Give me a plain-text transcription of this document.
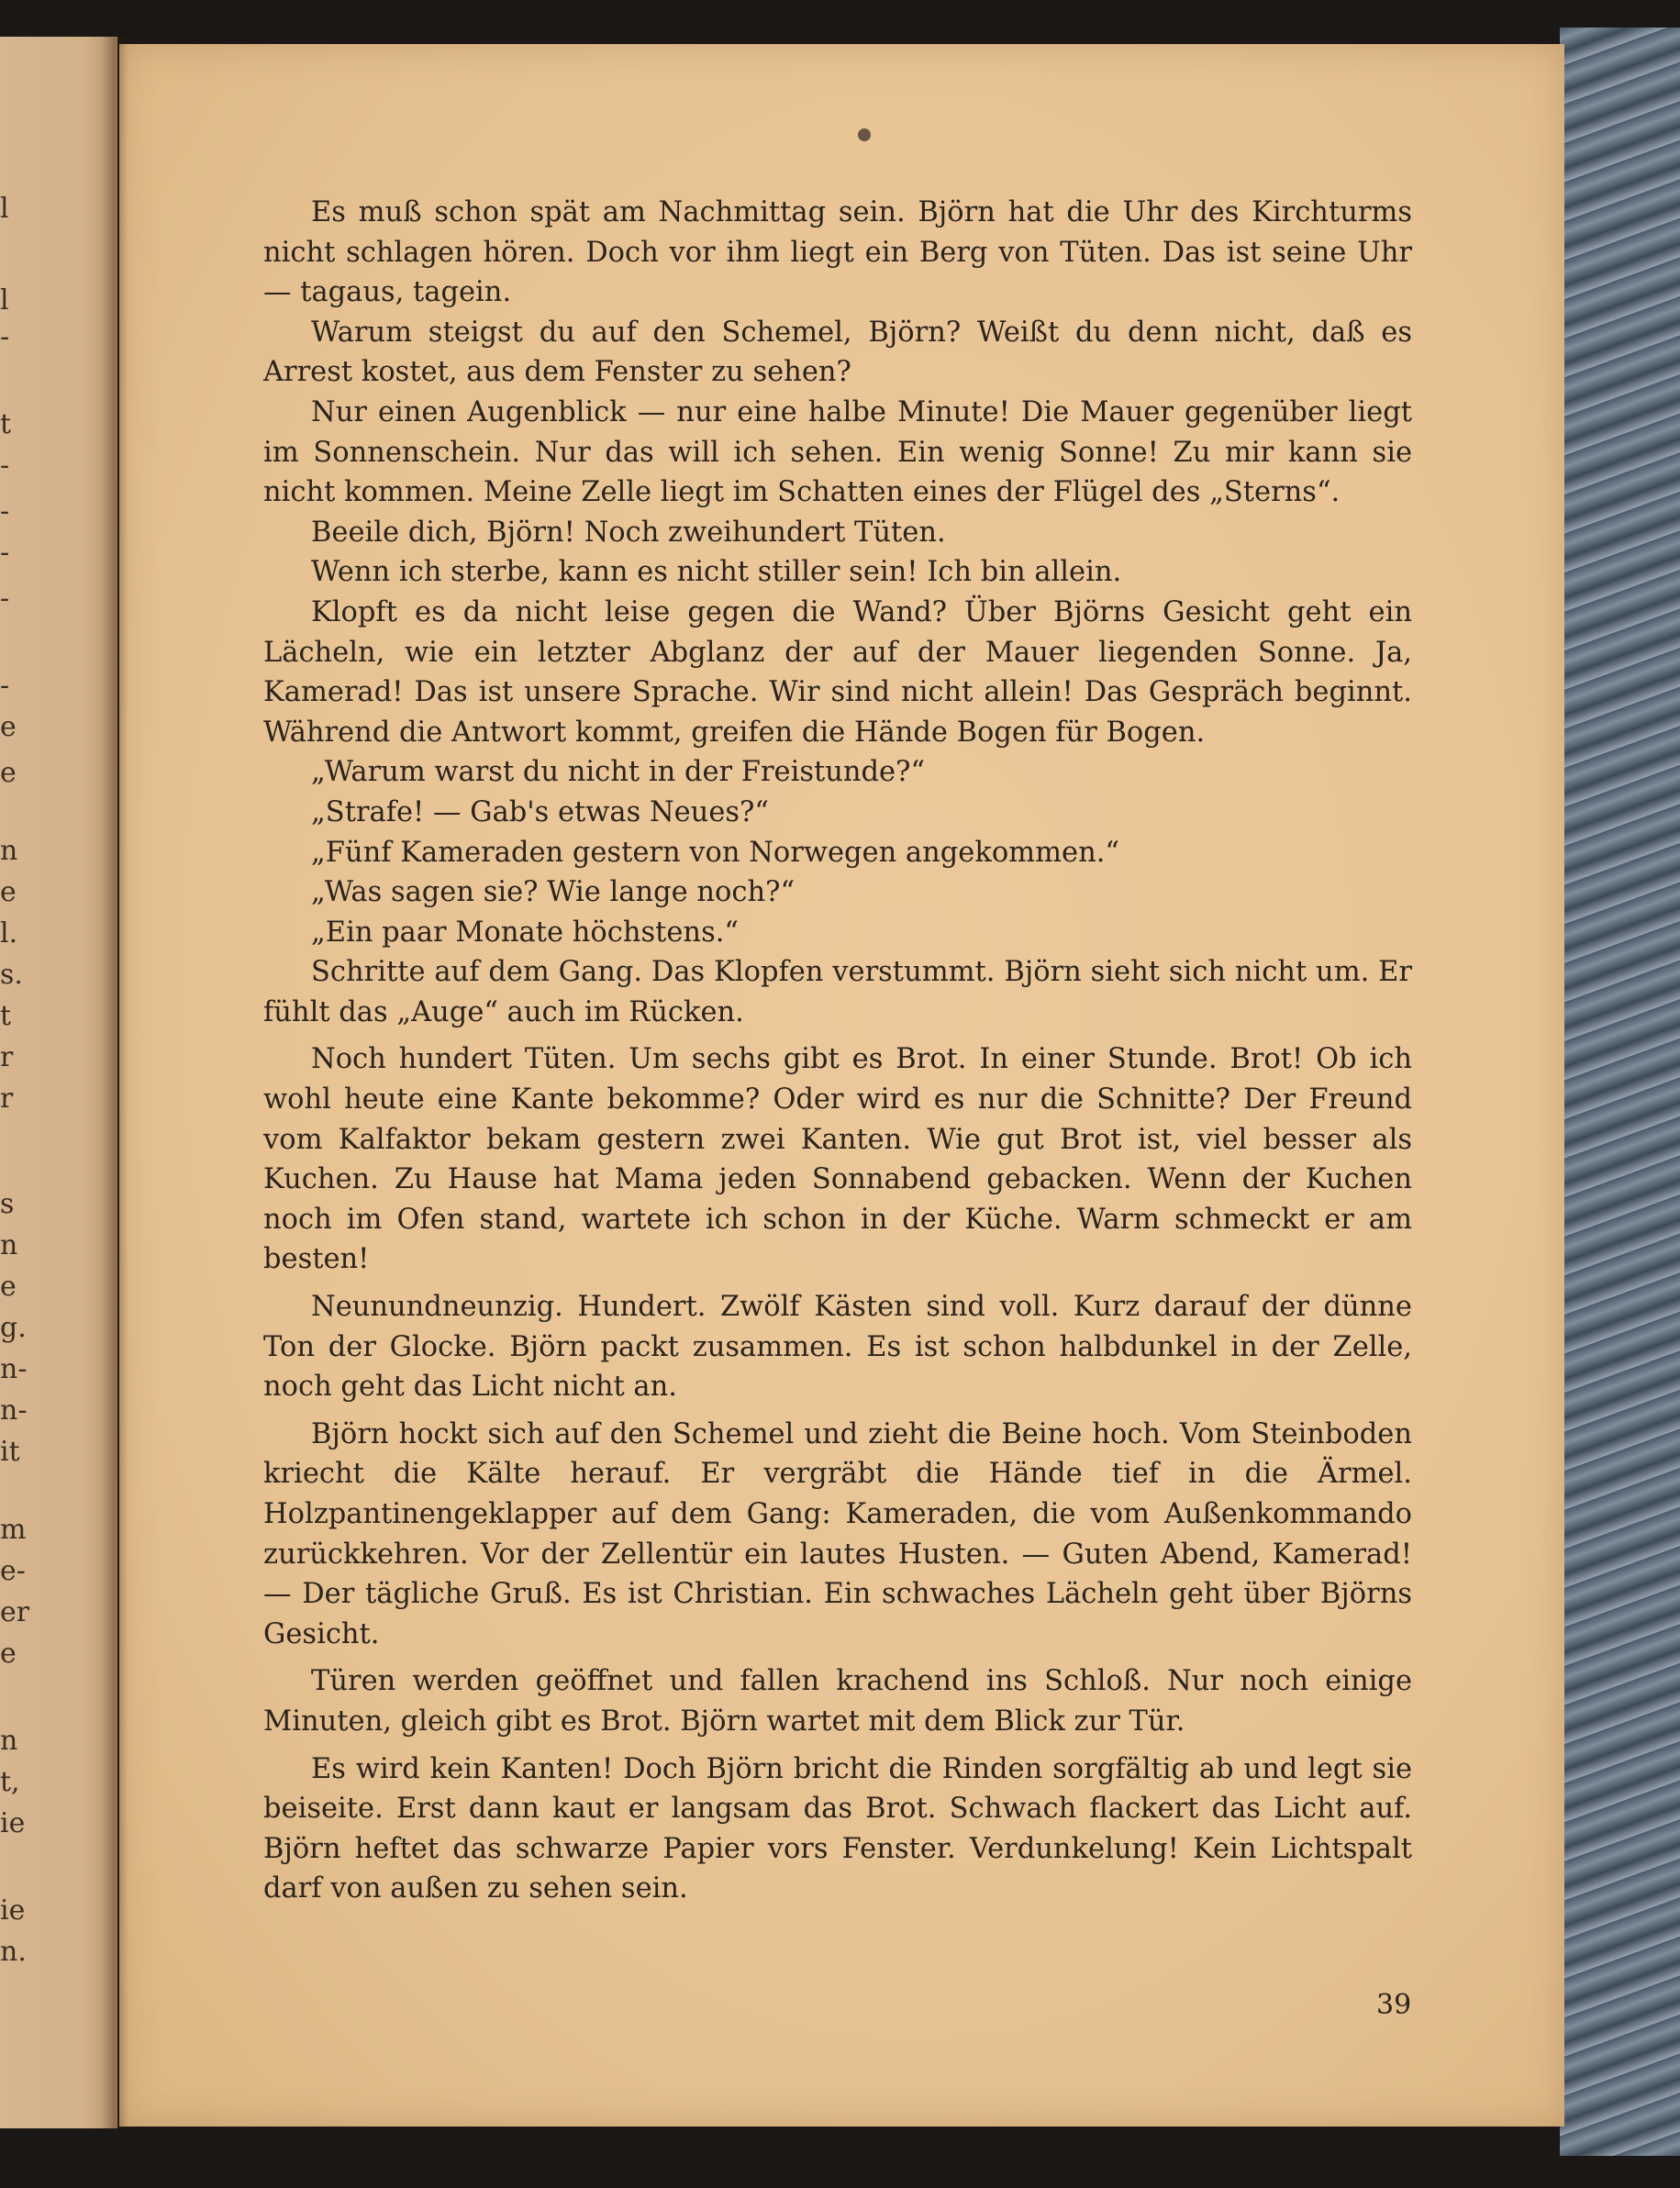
l
l
-
t
-
-
-
-
-
e
e
n
e
l.
s.
t
r
r
s
n
e
g.
n-
n-
it
m
e-
er
e
n
t,
ie
ie
n.

Es muß schon spät am Nachmittag sein. Björn hat die Uhr des Kirchturms nicht schlagen hören. Doch vor ihm liegt ein Berg von Tüten. Das ist seine Uhr — tagaus, tagein.

Warum steigst du auf den Schemel, Björn? Weißt du denn nicht, daß es Arrest kostet, aus dem Fenster zu sehen?

Nur einen Augenblick — nur eine halbe Minute! Die Mauer gegenüber liegt im Sonnenschein. Nur das will ich sehen. Ein wenig Sonne! Zu mir kann sie nicht kommen. Meine Zelle liegt im Schatten eines der Flügel des „Sterns“.

Beeile dich, Björn! Noch zweihundert Tüten.

Wenn ich sterbe, kann es nicht stiller sein! Ich bin allein.

Klopft es da nicht leise gegen die Wand? Über Björns Gesicht geht ein Lächeln, wie ein letzter Abglanz der auf der Mauer liegenden Sonne. Ja, Kamerad! Das ist unsere Sprache. Wir sind nicht allein! Das Gespräch beginnt. Während die Antwort kommt, greifen die Hände Bogen für Bogen.

„Warum warst du nicht in der Freistunde?“

„Strafe! — Gab's etwas Neues?“

„Fünf Kameraden gestern von Norwegen angekommen.“

„Was sagen sie? Wie lange noch?“

„Ein paar Monate höchstens.“

Schritte auf dem Gang. Das Klopfen verstummt. Björn sieht sich nicht um. Er fühlt das „Auge“ auch im Rücken.

Noch hundert Tüten. Um sechs gibt es Brot. In einer Stunde. Brot! Ob ich wohl heute eine Kante bekomme? Oder wird es nur die Schnitte? Der Freund vom Kalfaktor bekam gestern zwei Kanten. Wie gut Brot ist, viel besser als Kuchen. Zu Hause hat Mama jeden Sonnabend gebacken. Wenn der Kuchen noch im Ofen stand, wartete ich schon in der Küche. Warm schmeckt er am besten!

Neunundneunzig. Hundert. Zwölf Kästen sind voll. Kurz darauf der dünne Ton der Glocke. Björn packt zusammen. Es ist schon halbdunkel in der Zelle, noch geht das Licht nicht an.

Björn hockt sich auf den Schemel und zieht die Beine hoch. Vom Steinboden kriecht die Kälte herauf. Er vergräbt die Hände tief in die Ärmel. Holzpantinengeklapper auf dem Gang: Kameraden, die vom Außenkommando zurückkehren. Vor der Zellentür ein lautes Husten. — Guten Abend, Kamerad! — Der tägliche Gruß. Es ist Christian. Ein schwaches Lächeln geht über Björns Gesicht.

Türen werden geöffnet und fallen krachend ins Schloß. Nur noch einige Minuten, gleich gibt es Brot. Björn wartet mit dem Blick zur Tür.

Es wird kein Kanten! Doch Björn bricht die Rinden sorgfältig ab und legt sie beiseite. Erst dann kaut er langsam das Brot. Schwach flackert das Licht auf. Björn heftet das schwarze Papier vors Fenster. Verdunkelung! Kein Lichtspalt darf von außen zu sehen sein.

39
